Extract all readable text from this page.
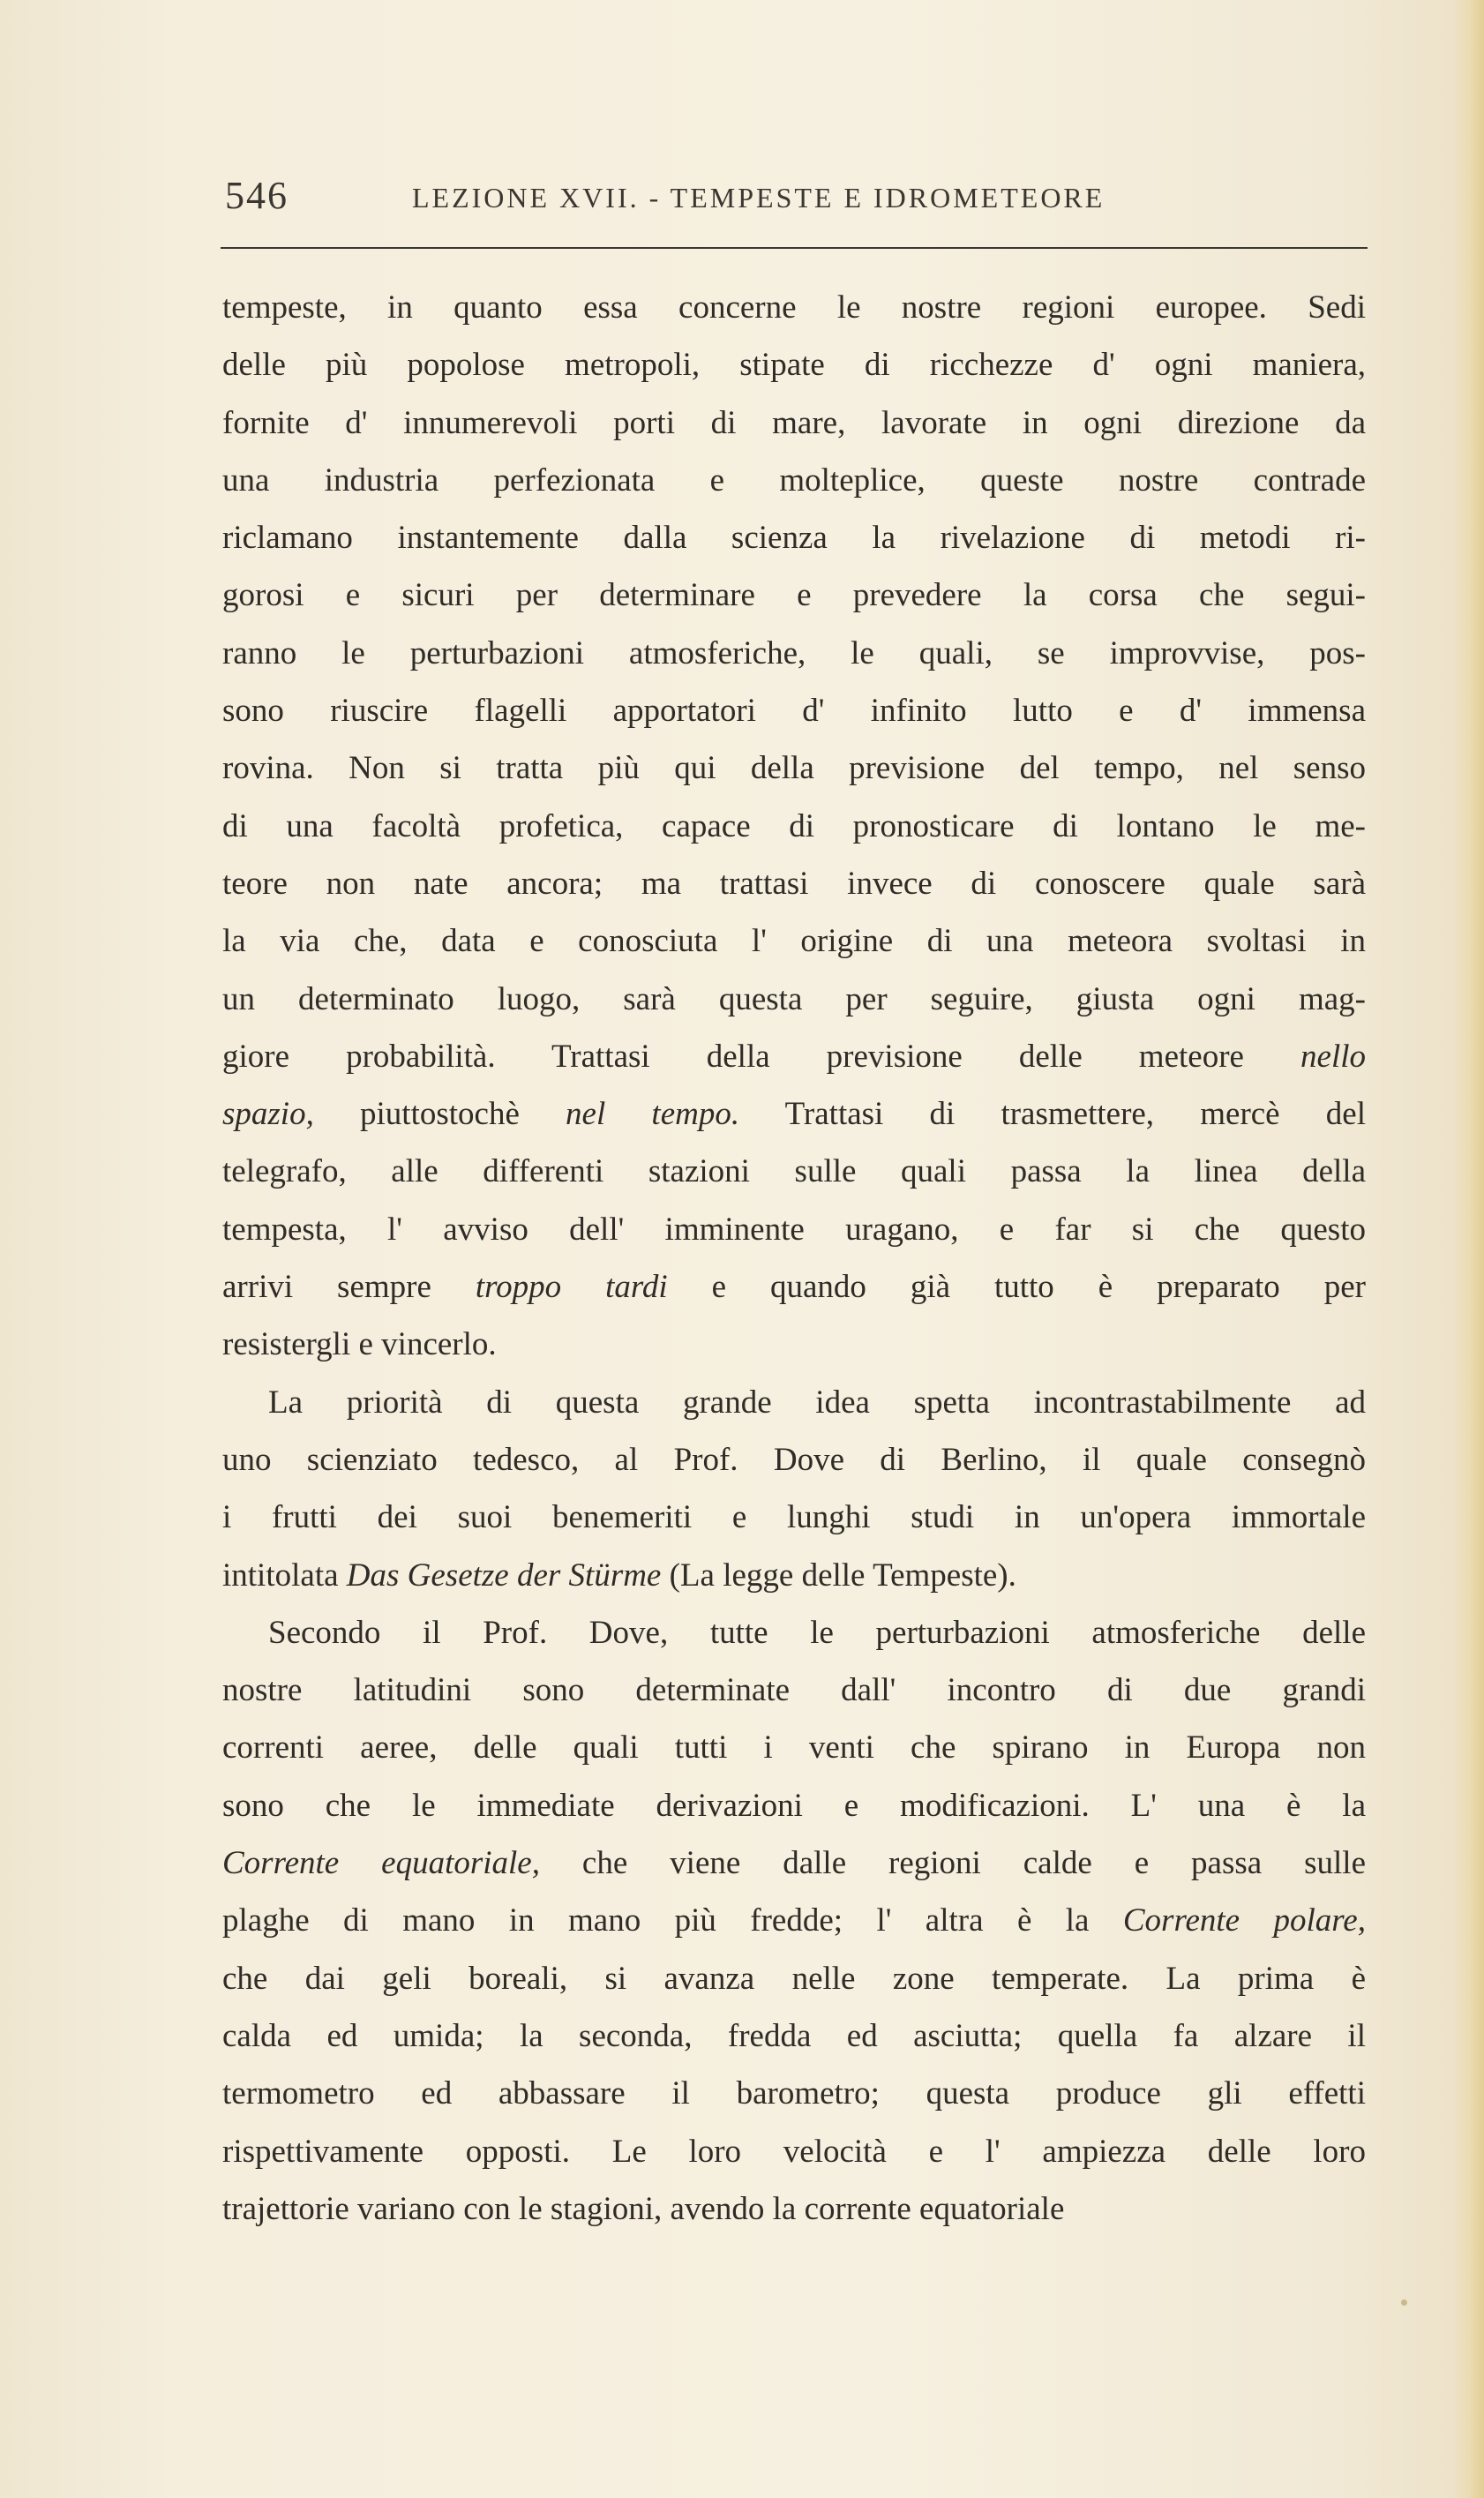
546	LEZIONE XVII. - TEMPESTE E IDROMETEORE
tempeste, in quanto essa concerne le nostre regioni europee. Sedi
delle più popolose metropoli, stipate di ricchezze d' ogni maniera,
fornite d' innumerevoli porti di mare, lavorate in ogni direzione da
una industria perfezionata e molteplice, queste nostre contrade
riclamano instantemente dalla scienza la rivelazione di metodi ri-
gorosi e sicuri per determinare e prevedere la corsa che segui-
ranno le perturbazioni atmosferiche, le quali, se improvvise, pos-
sono riuscire flagelli apportatori d' infinito lutto e d' immensa
rovina. Non si tratta più qui della previsione del tempo, nel senso
di una facoltà profetica, capace di pronosticare di lontano le me-
teore non nate ancora; ma trattasi invece di conoscere quale sarà
la via che, data e conosciuta l' origine di una meteora svoltasi in
un determinato luogo, sarà questa per seguire, giusta ogni mag-
giore probabilità. Trattasi della previsione delle meteore nello
spazio, piuttostochè nel tempo. Trattasi di trasmettere, mercè del
telegrafo, alle differenti stazioni sulle quali passa la linea della
tempesta, l' avviso dell' imminente uragano, e far si che questo
arrivi sempre troppo tardi e quando già tutto è preparato per
resistergli e vincerlo.
La priorità di questa grande idea spetta incontrastabilmente ad
uno scienziato tedesco, al Prof. Dove di Berlino, il quale consegnò
i frutti dei suoi benemeriti e lunghi studi in un'opera immortale
intitolata Das Gesetze der Stürme (La legge delle Tempeste).
Secondo il Prof. Dove, tutte le perturbazioni atmosferiche delle
nostre latitudini sono determinate dall' incontro di due grandi
correnti aeree, delle quali tutti i venti che spirano in Europa non
sono che le immediate derivazioni e modificazioni. L' una è la
Corrente equatoriale, che viene dalle regioni calde e passa sulle
plaghe di mano in mano più fredde; l' altra è la Corrente polare,
che dai geli boreali, si avanza nelle zone temperate. La prima è
calda ed umida; la seconda, fredda ed asciutta; quella fa alzare il
termometro ed abbassare il barometro; questa produce gli effetti
rispettivamente opposti. Le loro velocità e l' ampiezza delle loro
trajettorie variano con le stagioni, avendo la corrente equatoriale
